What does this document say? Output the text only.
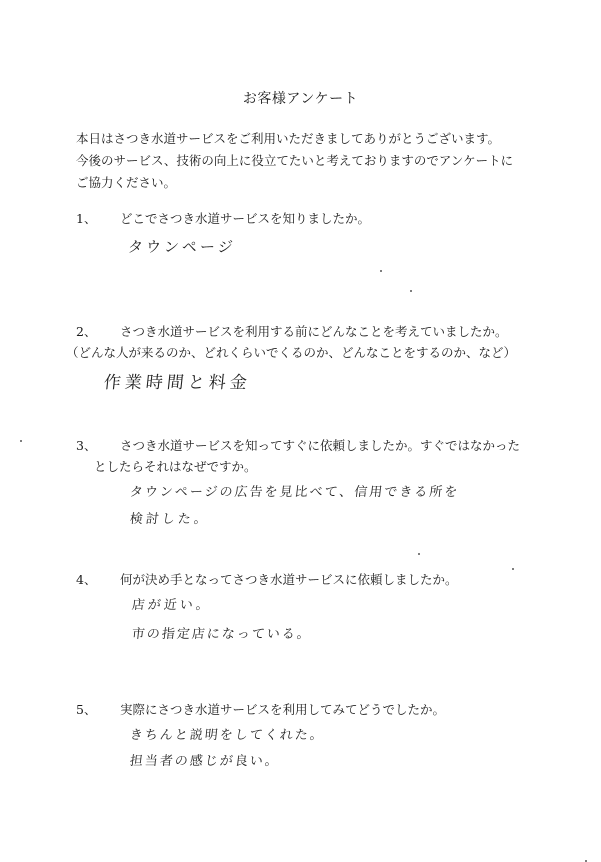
お客様アンケート
本日はさつき水道サービスをご利用いただきましてありがとうございます。
今後のサービス、技術の向上に役立てたいと考えておりますのでアンケートに
ご協力ください。
1、 どこでさつき水道サービスを知りましたか。
タウンページ
2、 さつき水道サービスを利用する前にどんなことを考えていましたか。
（どんな人が来るのか、どれくらいでくるのか、どんなことをするのか、など）
作業時間と料金
3、 さつき水道サービスを知ってすぐに依頼しましたか。すぐではなかった
としたらそれはなぜですか。
タウンページの広告を見比べて、信用できる所を
検討した。
4、 何が決め手となってさつき水道サービスに依頼しましたか。
店が近い。
市の指定店になっている。
5、 実際にさつき水道サービスを利用してみてどうでしたか。
きちんと説明をしてくれた。
担当者の感じが良い。
